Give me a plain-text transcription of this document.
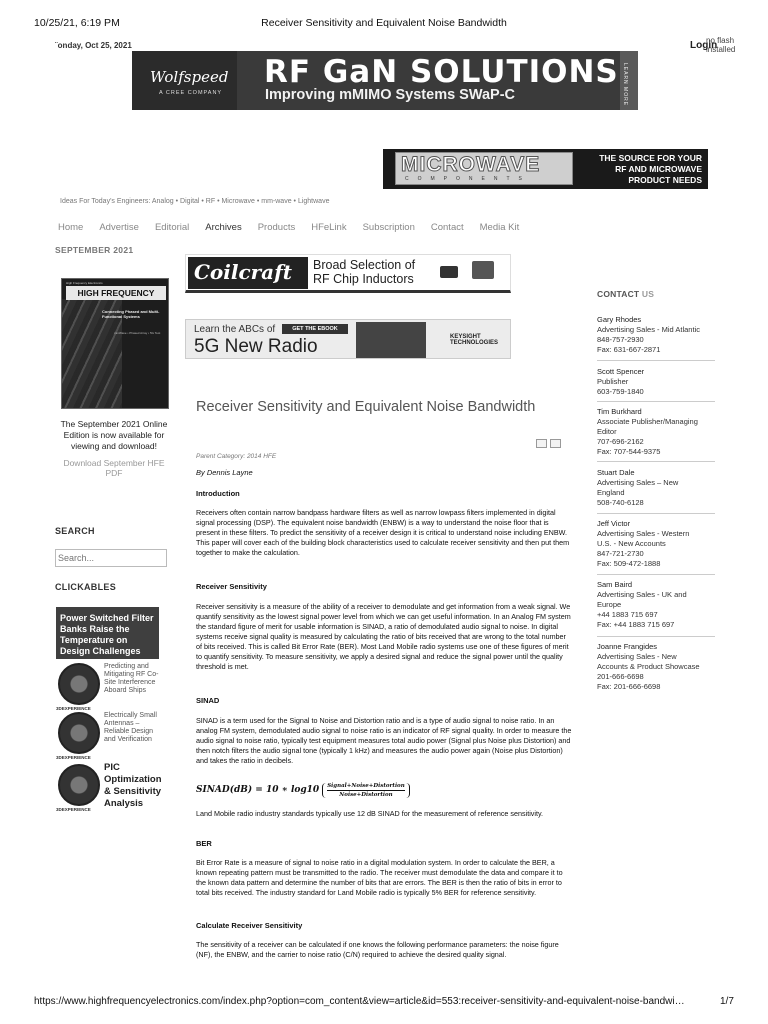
10/25/21, 6:19 PM	Receiver Sensitivity and Equivalent Noise Bandwidth
https://www.highfrequencyelectronics.com/index.php?option=com_content&view=article&id=553:receiver-sensitivity-and-equivalent-noise-bandwi…	1/7
¨onday, Oct 25, 2021
no flash installed
Login
Wolfspeed
A CREE COMPANY
RF GaN SOLUTIONS
Improving mMIMO Systems SWaP-C	LEARN MORE
MICROWAVE
COMPONENTS
THE SOURCE FOR YOUR
RF AND MICROWAVE
PRODUCT NEEDS
Ideas For Today's Engineers: Analog • Digital • RF • Microwave • mm-wave • Lightwave
Home Advertise Editorial Archives Products HFeLink Subscription Contact Media Kit
SEPTEMBER 2021
High Frequency Electronics
HIGH FREQUENCY
Connecting Phased and Multi-Functional Systems
mmWave • Phased Array • 5G Test
The September 2021 Online Edition is now available for viewing and download!
Download September HFE PDF
SEARCH
Search...
CLICKABLES
Power Switched Filter Banks Raise the Temperature on Design Challenges
Predicting and Mitigating RF Co-Site Interference Aboard Ships
3DEXPERIENCE
Electrically Small Antennas – Reliable Design and Verification
3DEXPERIENCE
PIC Optimization & Sensitivity Analysis
3DEXPERIENCE
Coilcraft Broad Selection of
RF Chip Inductors
Learn the ABCs of	GET THE EBOOK
5G New Radio	KEYSIGHT TECHNOLOGIES
Receiver Sensitivity and Equivalent Noise Bandwidth
Parent Category: 2014 HFE
By Dennis Layne
Introduction

Receivers often contain narrow bandpass hardware filters as well as narrow lowpass filters implemented in digital signal processing (DSP). The equivalent noise bandwidth (ENBW) is a way to understand the noise floor that is present in these filters. To predict the sensitivity of a receiver design it is critical to understand noise including ENBW. This paper will cover each of the building block characteristics used to calculate receiver sensitivity and then put them together to make the calculation.

Receiver Sensitivity

Receiver sensitivity is a measure of the ability of a receiver to demodulate and get information from a weak signal. We quantify sensitivity as the lowest signal power level from which we can get useful information. In an Analog FM system the standard figure of merit for usable information is SINAD, a ratio of demodulated audio signal to noise. In digital systems receive signal quality is measured by calculating the ratio of bits received that are wrong to the total number of bits received. This is called Bit Error Rate (BER). Most Land Mobile radio systems use one of these figures of merit to quantify sensitivity. To measure sensitivity, we apply a desired signal and reduce the signal power until the quality threshold is met.

SINAD

SINAD is a term used for the Signal to Noise and Distortion ratio and is a type of audio signal to noise ratio. In an analog FM system, demodulated audio signal to noise ratio is an indicator of RF signal quality. In order to measure the audio signal to noise ratio, typically test equipment measures total audio power (Signal plus Noise plus Distortion) and then notch filters the audio signal tone (typically 1 kHz) and measures the audio power again (Noise plus Distortion) and takes the ratio in decibels.

SINAD(dB) = 10 ∗ $\log 10 \frac{\text{Signal+Noise+Distortion}}{\text{Noise+Distortion}}$

Land Mobile radio industry standards typically use 12 dB SINAD for the measurement of reference sensitivity.

BER

Bit Error Rate is a measure of signal to noise ratio in a digital modulation system. In order to calculate the BER, a known repeating pattern must be transmitted to the radio. The receiver must demodulate the data and compare it to the known data pattern and determine the number of bits that are errors. The BER is then the ratio of bits in error to total bits received. The industry standard for Land Mobile radio is typically 5% BER for reference sensitivity.

Calculate Receiver Sensitivity

The sensitivity of a receiver can be calculated if one knows the following performance parameters: the noise figure (NF), the ENBW, and the carrier to noise ratio (C/N) required to achieve the desired quality signal.

CONTACT US
Gary Rhodes
Advertising Sales - Mid Atlantic
848-757-2930
Fax: 631-667-2871
Scott Spencer
Publisher
603-759-1840
Tim Burkhard
Associate Publisher/Managing
Editor
707-696-2162
Fax: 707-544-9375
Stuart Dale
Advertising Sales – New
England
508-740-6128
Jeff Victor
Advertising Sales - Western
U.S. - New Accounts
847-721-2730
Fax: 509-472-1888
Sam Baird
Advertising Sales - UK and
Europe
+44 1883 715 697
Fax: +44 1883 715 697
Joanne Frangides
Advertising Sales - New
Accounts & Product Showcase
201-666-6698
Fax: 201-666-6698
